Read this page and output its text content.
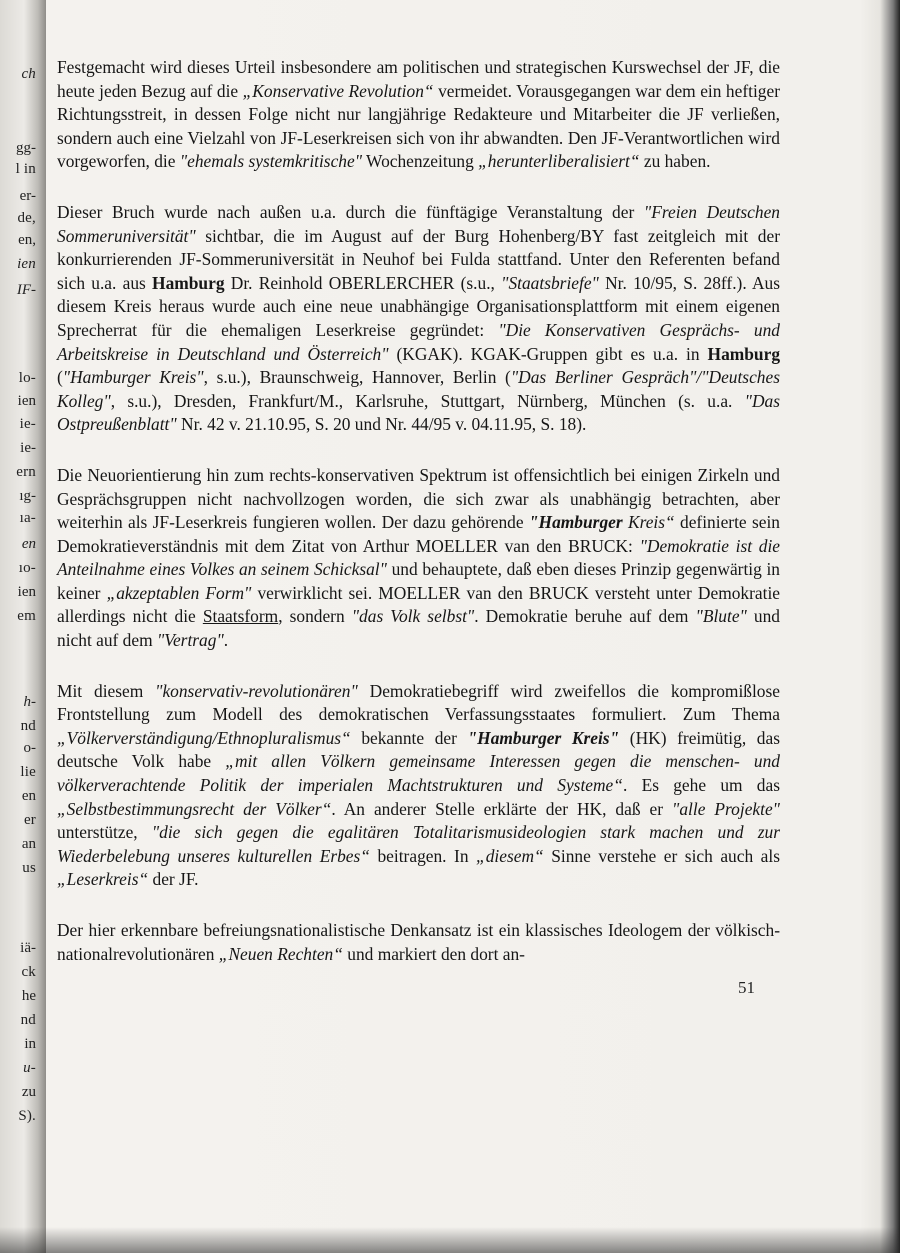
ch
gg-
l in
er-
de,
en,
ien
IF-
lo-
ien
ie-
ie-
ern
ıg-
ıa-
en
ıo-
ien
em
h-
nd
o-
lie
en
er
an
us
iä-
ck
he
nd
in
u-
zu
S).

Festgemacht wird dieses Urteil insbesondere am politischen und strategischen Kurswechsel der JF, die heute jeden Bezug auf die „Konservative Revolution“ vermeidet. Vorausgegangen war dem ein heftiger Richtungsstreit, in dessen Folge nicht nur langjährige Redakteure und Mitarbeiter die JF verließen, sondern auch eine Vielzahl von JF-Leserkreisen sich von ihr abwandten. Den JF-Verantwortlichen wird vorgeworfen, die "ehemals systemkritische" Wochenzeitung „herunterliberalisiert“ zu haben.

Dieser Bruch wurde nach außen u.a. durch die fünftägige Veranstaltung der "Freien Deutschen Sommeruniversität" sichtbar, die im August auf der Burg Hohenberg/BY fast zeitgleich mit der konkurrierenden JF-Sommeruniversität in Neuhof bei Fulda stattfand. Unter den Referenten befand sich u.a. aus Hamburg Dr. Reinhold OBERLERCHER (s.u., "Staatsbriefe" Nr. 10/95, S. 28ff.). Aus diesem Kreis heraus wurde auch eine neue unabhängige Organisationsplattform mit einem eigenen Sprecherrat für die ehemaligen Leserkreise gegründet: "Die Konservativen Gesprächs- und Arbeitskreise in Deutschland und Österreich" (KGAK). KGAK-Gruppen gibt es u.a. in Hamburg ("Hamburger Kreis", s.u.), Braunschweig, Hannover, Berlin ("Das Berliner Gespräch"/"Deutsches Kolleg", s.u.), Dresden, Frankfurt/M., Karlsruhe, Stuttgart, Nürnberg, München (s. u.a. "Das Ostpreußenblatt" Nr. 42 v. 21.10.95, S. 20 und Nr. 44/95 v. 04.11.95, S. 18).

Die Neuorientierung hin zum rechts-konservativen Spektrum ist offensichtlich bei einigen Zirkeln und Gesprächsgruppen nicht nachvollzogen worden, die sich zwar als unabhängig betrachten, aber weiterhin als JF-Leserkreis fungieren wollen. Der dazu gehörende "Hamburger Kreis“ definierte sein Demokratieverständnis mit dem Zitat von Arthur MOELLER van den BRUCK: "Demokratie ist die Anteilnahme eines Volkes an seinem Schicksal" und behauptete, daß eben dieses Prinzip gegenwärtig in keiner „akzeptablen Form" verwirklicht sei. MOELLER van den BRUCK versteht unter Demokratie allerdings nicht die Staatsform, sondern "das Volk selbst". Demokratie beruhe auf dem "Blute" und nicht auf dem "Vertrag".

Mit diesem "konservativ-revolutionären" Demokratiebegriff wird zweifellos die kompromißlose Frontstellung zum Modell des demokratischen Verfassungsstaates formuliert. Zum Thema „Völkerverständigung/Ethnopluralismus“ bekannte der "Hamburger Kreis" (HK) freimütig, das deutsche Volk habe „mit allen Völkern gemeinsame Interessen gegen die menschen- und völkerverachtende Politik der imperialen Machtstrukturen und Systeme“. Es gehe um das „Selbstbestimmungsrecht der Völker“. An anderer Stelle erklärte der HK, daß er "alle Projekte" unterstütze, "die sich gegen die egalitären Totalitarismusideologien stark machen und zur Wiederbelebung unseres kulturellen Erbes“ beitragen. In „diesem“ Sinne verstehe er sich auch als „Leserkreis“ der JF.

Der hier erkennbare befreiungsnationalistische Denkansatz ist ein klassisches Ideologem der völkisch-nationalrevolutionären „Neuen Rechten“ und markiert den dort an-

51
